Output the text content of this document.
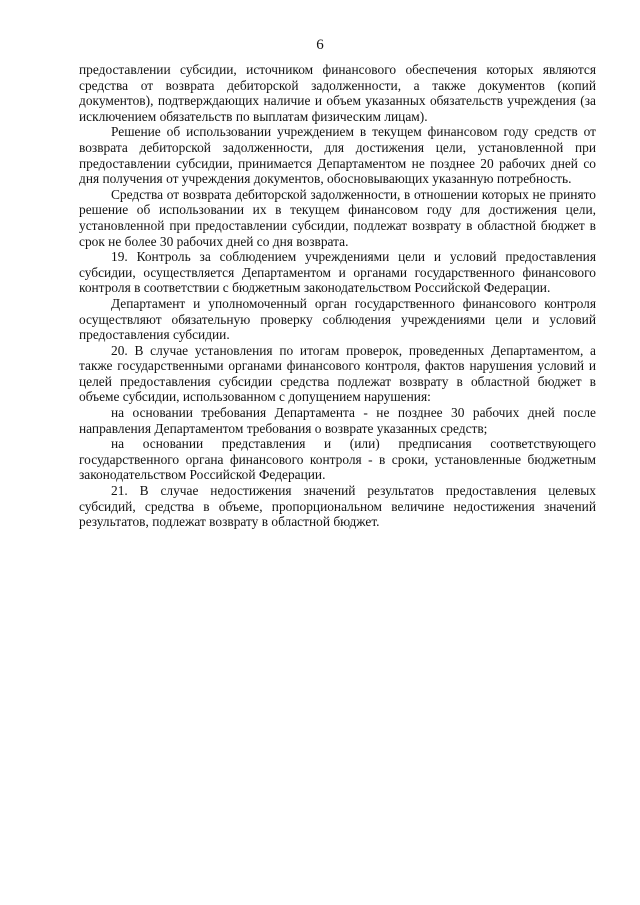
6

предоставлении субсидии, источником финансового обеспечения которых являются средства от возврата дебиторской задолженности, а также документов (копий документов), подтверждающих наличие и объем указанных обязательств учреждения (за исключением обязательств по выплатам физическим лицам).

Решение об использовании учреждением в текущем финансовом году средств от возврата дебиторской задолженности, для достижения цели, установленной при предоставлении субсидии, принимается Департаментом не позднее 20 рабочих дней со дня получения от учреждения документов, обосновывающих указанную потребность.

Средства от возврата дебиторской задолженности, в отношении которых не принято решение об использовании их в текущем финансовом году для достижения цели, установленной при предоставлении субсидии, подлежат возврату в областной бюджет в срок не более 30 рабочих дней со дня возврата.

19. Контроль за соблюдением учреждениями цели и условий предоставления субсидии, осуществляется Департаментом и органами государственного финансового контроля в соответствии с бюджетным законодательством Российской Федерации.

Департамент и уполномоченный орган государственного финансового контроля осуществляют обязательную проверку соблюдения учреждениями цели и условий предоставления субсидии.

20. В случае установления по итогам проверок, проведенных Департаментом, а также государственными органами финансового контроля, фактов нарушения условий и целей предоставления субсидии средства подлежат возврату в областной бюджет в объеме субсидии, использованном с допущением нарушения:

на основании требования Департамента - не позднее 30 рабочих дней после направления Департаментом требования о возврате указанных средств;

на основании представления и (или) предписания соответствующего государственного органа финансового контроля - в сроки, установленные бюджетным законодательством Российской Федерации.

21. В случае недостижения значений результатов предоставления целевых субсидий, средства в объеме, пропорциональном величине недостижения значений результатов, подлежат возврату в областной бюджет.
